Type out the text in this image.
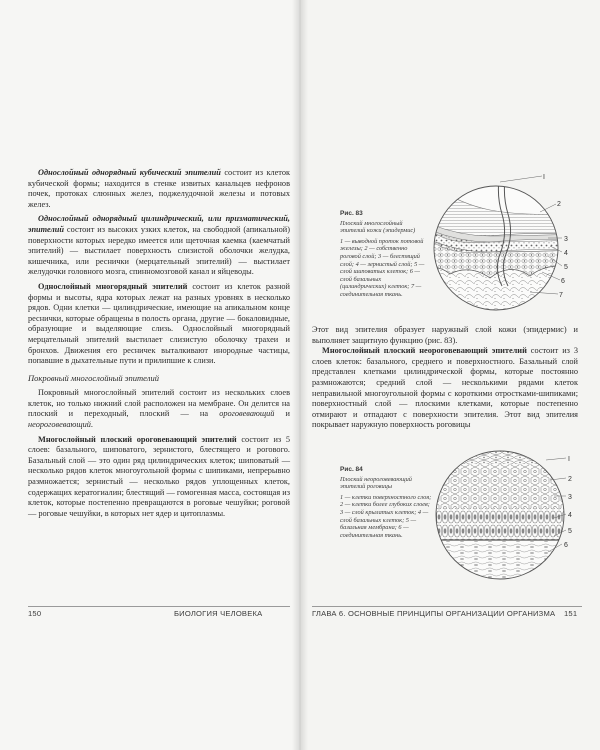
Однослойный однорядный кубический эпителий состоит из клеток кубической формы; находится в стенке извитых канальцев нефронов почек, протоках слюнных желез, поджелудочной железы и потовых желез.

Однослойный однорядный цилиндрический, или призматический, эпителий состоит из высоких узких клеток, на свободной (апикальной) поверхности которых нередко имеется или щеточная каемка (каемчатый эпителий) — выстилает поверхность слизистой оболочки желудка, кишечника, или реснички (мерцательный эпителий) — выстилает желудочки головного мозга, спинномозговой канал и яйцеводы.

Однослойный многорядный эпителий состоит из клеток разной формы и высоты, ядра которых лежат на разных уровнях в несколько рядов. Одни клетки — цилиндрические, имеющие на апикальном конце реснички, которые обращены в полость органа, другие — бокаловидные, образующие и выделяющие слизь. Однослойный многорядный мерцательный эпителий выстилает слизистую оболочку трахеи и бронхов. Движения его ресничек выталкивают инородные частицы, попавшие в дыхательные пути и прилипшие к слизи.

Покровный многослойный эпителий

Покровный многослойный эпителий состоит из нескольких слоев клеток, но только нижний слой расположен на мембране. Он делится на плоский и переходный, плоский — на ороговевающий и неороговевающий.

Многослойный плоский ороговевающий эпителий состоит из 5 слоев: базального, шиповатого, зернистого, блестящего и рогового. Базальный слой — это один ряд цилиндрических клеток; шиповатый — несколько рядов клеток многоугольной формы с шипиками, непрерывно размножается; зернистый — несколько рядов уплощенных клеток, содержащих кератогиалин; блестящий — гомогенная масса, состоящая из клеток, которые постепенно превращаются в роговые чешуйки; роговой — роговые чешуйки, в которых нет ядер и цитоплазмы.

150	БИОЛОГИЯ ЧЕЛОВЕКА
Рис. 83
Плоский многослойный эпителий кожи (эпидермис)
1 — выводной проток потовой железы; 2 — собственно роговой слой; 3 — блестящий слой; 4 — зернистый слой; 5 — слой шиповатых клеток; 6 — слой базальных (цилиндрических) клеток; 7 — соединительная ткань.
I
2
3
4
5
6
7

Этот вид эпителия образует наружный слой кожи (эпидермис) и выполняет защитную функцию (рис. 83).

Многослойный плоский неороговевающий эпителий состоит из 3 слоев клеток: базального, среднего и поверхностного. Базальный слой представлен клетками цилиндрической формы, которые постоянно размножаются; средний слой — несколькими рядами клеток неправильной многоугольной формы с короткими отростками-шипиками; поверхностный слой — плоскими клетками, которые постепенно отмирают и отпадают с поверхности эпителия. Этот вид эпителия покрывает наружную поверхность роговицы

Рис. 84
Плоский неороговевающий эпителий роговицы
1 — клетки поверхностного слоя; 2 — клетки более глубоких слоев; 3 — слой крылатых клеток; 4 — слой базальных клеток; 5 — базальная мембрана; 6 — соединительная ткань.
I
2
3
4
5
6
ГЛАВА 6. ОСНОВНЫЕ ПРИНЦИПЫ ОРГАНИЗАЦИИ ОРГАНИЗМА 151
